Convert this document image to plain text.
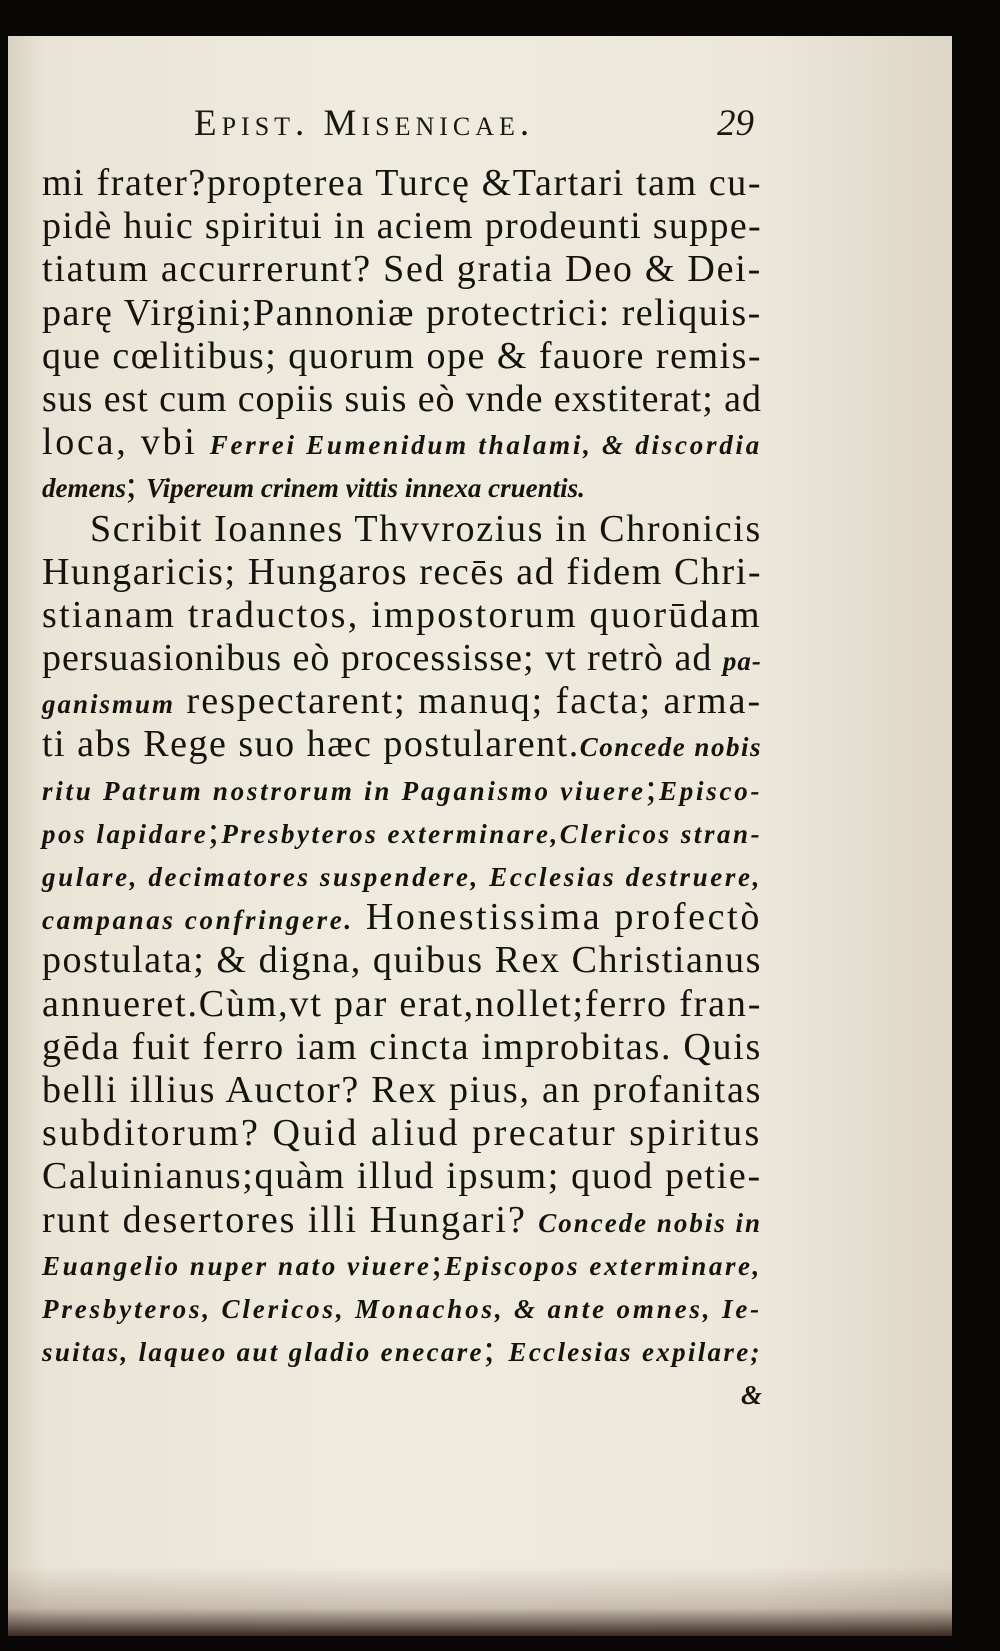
Epist. Misenicae.	29
mi frater?propterea Turcę &Tartari tam cu-
pidè huic spiritui in aciem prodeunti suppe-
tiatum accurrerunt? Sed gratia Deo & Dei-
parę Virgini;Pannoniæ protectrici: reliquis-
que cœlitibus; quorum ope & fauore remis-
sus est cum copiis suis eò vnde exstiterat; ad
loca, vbi Ferrei Eumenidum thalami, & discordia
demens; Vipereum crinem vittis innexa cruentis.
Scribit Ioannes Thvvrozius in Chronicis
Hungaricis; Hungaros recēs ad fidem Chri-
stianam traductos, impostorum quorūdam
persuasionibus eò processisse; vt retrò ad pa-
ganismum respectarent; manuq; facta; arma-
ti abs Rege suo hæc postularent.Concede nobis
ritu Patrum nostrorum in Paganismo viuere;Episco-
pos lapidare;Presbyteros exterminare,Clericos stran-
gulare, decimatores suspendere, Ecclesias destruere,
campanas confringere. Honestissima profectò
postulata; & digna, quibus Rex Christianus
annueret.Cùm,vt par erat,nollet;ferro fran-
gēda fuit ferro iam cincta improbitas. Quis
belli illius Auctor? Rex pius, an profanitas
subditorum? Quid aliud precatur spiritus
Caluinianus;quàm illud ipsum; quod petie-
runt desertores illi Hungari? Concede nobis in
Euangelio nuper nato viuere;Episcopos exterminare,
Presbyteros, Clericos, Monachos, & ante omnes, Ie-
suitas, laqueo aut gladio enecare; Ecclesias expilare;
&
